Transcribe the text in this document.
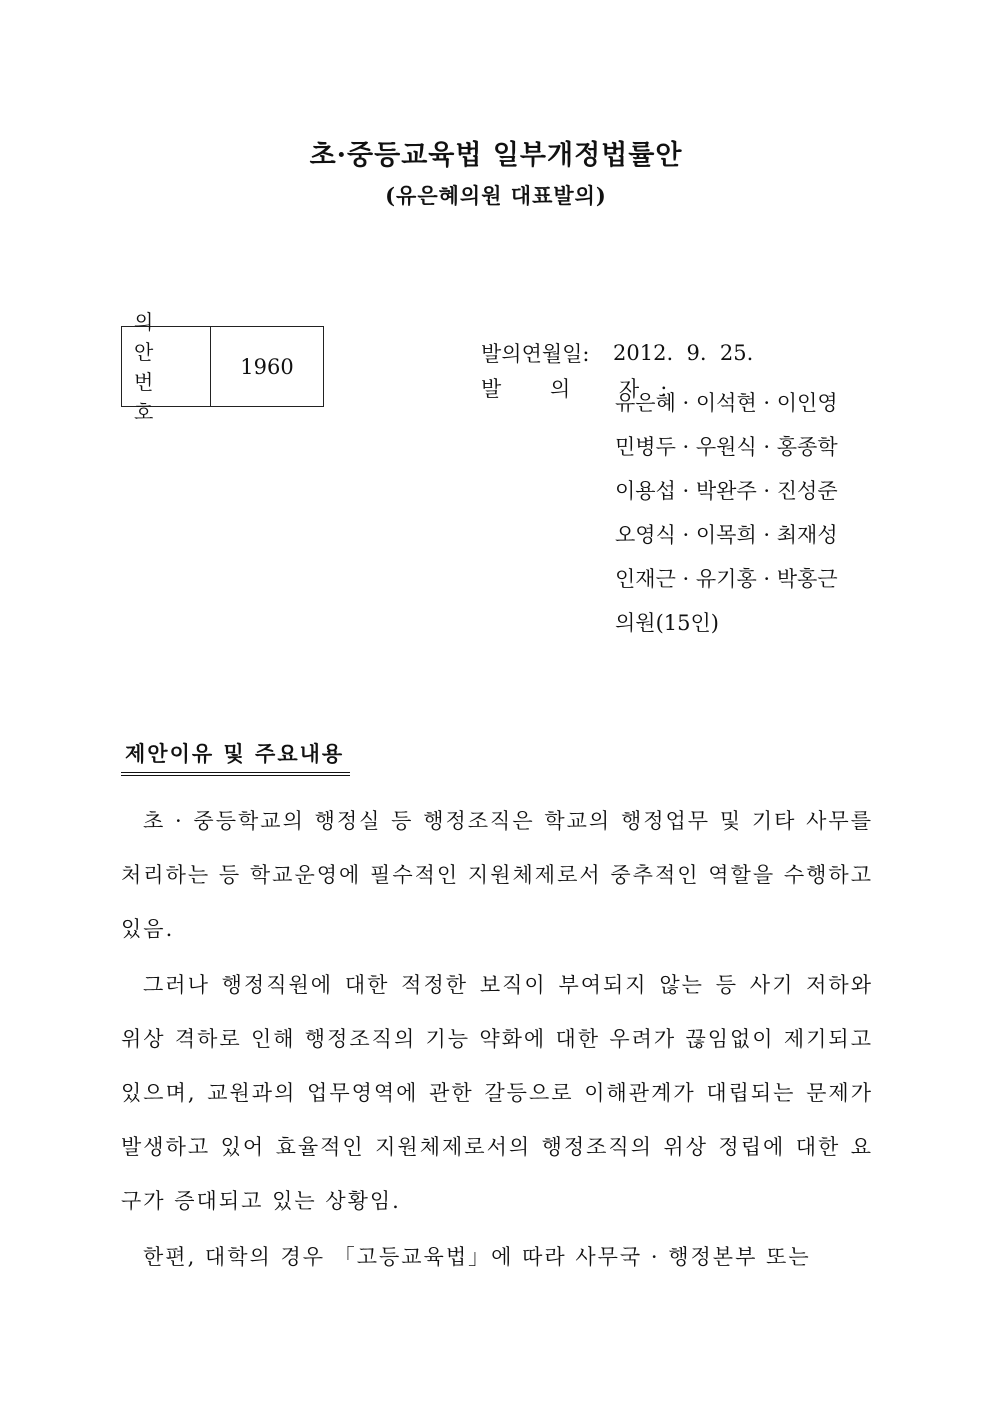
초·중등교육법 일부개정법률안
(유은혜의원 대표발의)
의 안
번 호
1960
발의연월일:	2012.  9.  25.
발 의 자:
유은혜 · 이석현 · 이인영
민병두 · 우원식 · 홍종학
이용섭 · 박완주 · 진성준
오영식 · 이목희 · 최재성
인재근 · 유기홍 · 박홍근
의원(15인)
제안이유 및 주요내용

초 · 중등학교의 행정실 등 행정조직은 학교의 행정업무 및 기타 사무를 처리하는 등 학교운영에 필수적인 지원체제로서 중추적인 역할을 수행하고 있음.

그러나 행정직원에 대한 적정한 보직이 부여되지 않는 등 사기 저하와 위상 격하로 인해 행정조직의 기능 약화에 대한 우려가 끊임없이 제기되고 있으며, 교원과의 업무영역에 관한 갈등으로 이해관계가 대립되는 문제가 발생하고 있어 효율적인 지원체제로서의 행정조직의 위상 정립에 대한 요구가 증대되고 있는 상황임.

한편, 대학의 경우 「고등교육법」에 따라 사무국 · 행정본부 또는
